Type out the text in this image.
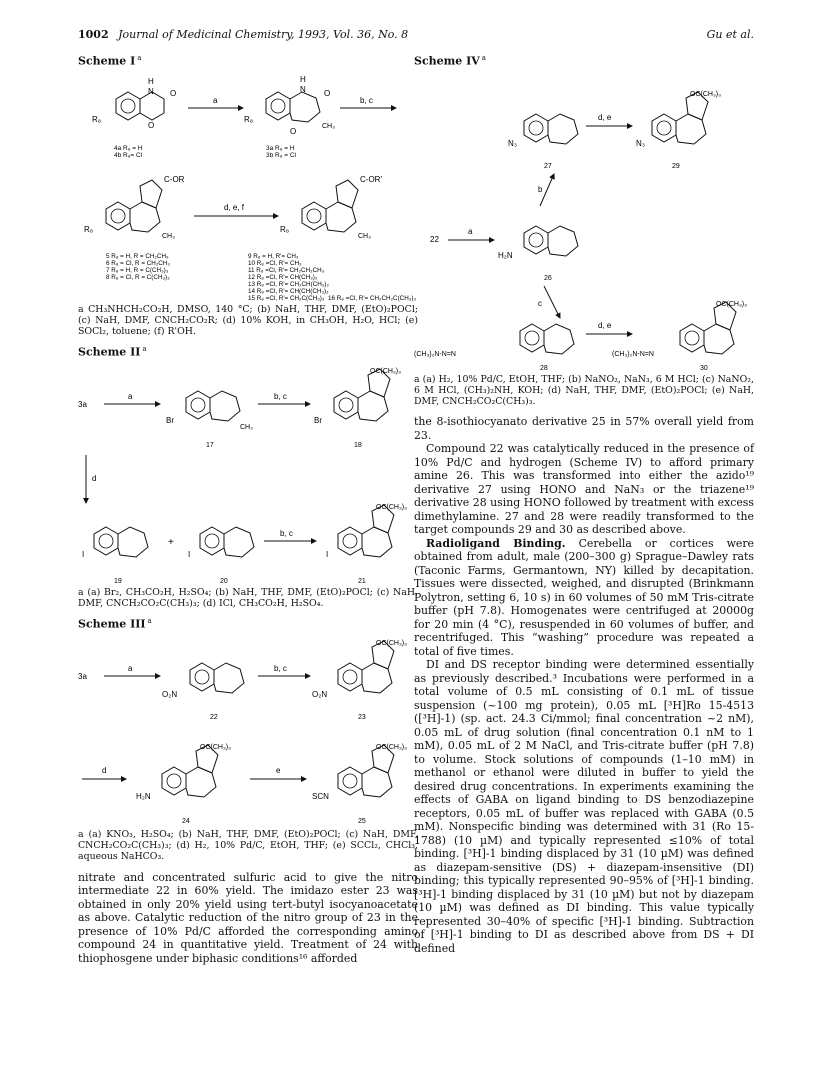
1002 Journal of Medicinal Chemistry, 1993, Vol. 36, No. 8	Gu et al.
Scheme I $^a$
R₈
H
N O
O
a
R₈
H
N O
CH₃
O
b, c
4a R₈ = H
4b R₈= Cl
3a R₈ = H
3b R₈ = Cl
C-OR
R₈
CH₃
d, e, f
C-OR'
R₈
CH₃
5 R₈ = H, R = CH₂CH₃
6 R₈ = Cl, R = CH₂CH₃
7 R₈ = H, R = C(CH₃)₃
8 R₈ = Cl, R = C(CH₃)₃
9 R₈ = H, R'= CH₃
10 R₈ =Cl, R'= CH₃
11 R₈ =Cl, R'= CH₂CH₂CH₃
12 R₈ =Cl, R'= CH(CH₃)₂
13 R₈ =Cl, R'= CH₂CH(CH₃)₂
14 R₈ =Cl, R'= CH(CH(CH₃)₂
15 R₈ =Cl, R'= CH₂C(CH₃)₃ 16 R₈ =Cl, R'= CH₂CH₂C(CH₃)₃
a CH₃NHCH₂CO₂H, DMSO, 140 °C; (b) NaH, THF, DMF, (EtO)₂POCl; (c) NaH, DMF, CNCH₂CO₂R; (d) 10% KOH, in CH₃OH, H₂O, HCl; (e) SOCl₂, toluene; (f) R'OH.
Scheme II $^a$
3a
a
Br
CH₃
b, c
OC(CH₃)₃
Br
17	18
d
I
+
I
b, c
OC(CH₃)₃
I
19	20	21
a (a) Br₂, CH₃CO₂H, H₂SO₄; (b) NaH, THF, DMF, (EtO)₂POCl; (c) NaH, DMF, CNCH₂CO₂C(CH₃)₃; (d) ICl, CH₃CO₂H, H₂SO₄.
Scheme III $^a$
3a
a
O₂N
b, c
OC(CH₃)₃
O₂N
22	23
d
OC(CH₃)₃
H₂N
e
OC(CH₃)₃
SCN
24	25
a (a) KNO₃, H₂SO₄; (b) NaH, THF, DMF, (EtO)₂POCl; (c) NaH, DMF, CNCH₂CO₂C(CH₃)₃; (d) H₂, 10% Pd/C, EtOH, THF; (e) SCCl₂, CHCl₃, aqueous NaHCO₃.

nitrate and concentrated sulfuric acid to give the nitro intermediate 22 in 60% yield. The imidazo ester 23 was obtained in only 20% yield using tert-butyl isocyanoacetate as above. Catalytic reduction of the nitro group of 23 in the presence of 10% Pd/C afforded the corresponding amino compound 24 in quantitative yield. Treatment of 24 with thiophosgene under biphasic conditions¹⁶ afforded

Scheme IV $^a$
N₃
d, e
OC(CH₃)₃
N₃
27	29
b
22
a
H₂N
26
c
(CH₃)₂N-N=N
d, e
OC(CH₃)₃
(CH₃)₂N-N=N
28	30
a (a) H₂, 10% Pd/C, EtOH, THF; (b) NaNO₂, NaN₃, 6 M HCl; (c) NaNO₂, 6 M HCl, (CH₃)₂NH, KOH; (d) NaH, THF, DMF, (EtO)₂POCl; (e) NaH, DMF, CNCH₂CO₂C(CH₃)₃.

the 8-isothiocyanato derivative 25 in 57% overall yield from 23.

Compound 22 was catalytically reduced in the presence of 10% Pd/C and hydrogen (Scheme IV) to afford primary amine 26. This was transformed into either the azido¹⁹ derivative 27 using HONO and NaN₃ or the triazene¹⁹ derivative 28 using HONO followed by treatment with excess dimethylamine. 27 and 28 were readily transformed to the target compounds 29 and 30 as described above.

Radioligand Binding. Cerebella or cortices were obtained from adult, male (200–300 g) Sprague–Dawley rats (Taconic Farms, Germantown, NY) killed by decapitation. Tissues were dissected, weighed, and disrupted (Brinkmann Polytron, setting 6, 10 s) in 60 volumes of 50 mM Tris-citrate buffer (pH 7.8). Homogenates were centrifuged at 20000g for 20 min (4 °C), resuspended in 60 volumes of buffer, and recentrifuged. This “washing” procedure was repeated a total of five times.

DI and DS receptor binding were determined essentially as previously described.³ Incubations were performed in a total volume of 0.5 mL consisting of 0.1 mL of tissue suspension (~100 mg protein), 0.05 mL [³H]Ro 15-4513 ([³H]-1) (sp. act. 24.3 Ci/mmol; final concentration ~2 nM), 0.05 mL of drug solution (final concentration 0.1 nM to 1 mM), 0.05 mL of 2 M NaCl, and Tris-citrate buffer (pH 7.8) to volume. Stock solutions of compounds (1–10 mM) in methanol or ethanol were diluted in buffer to yield the desired drug concentrations. In experiments examining the effects of GABA on ligand binding to DS benzodiazepine receptors, 0.05 mL of buffer was replaced with GABA (0.5 mM). Nonspecific binding was determined with 31 (Ro 15-1788) (10 µM) and typically represented ≤10% of total binding. [³H]-1 binding displaced by 31 (10 µM) was defined as diazepam-sensitive (DS) + diazepam-insensitive (DI) binding; this typically represented 90–95% of [³H]-1 binding. [³H]-1 binding displaced by 31 (10 µM) but not by diazepam (10 µM) was defined as DI binding. This value typically represented 30–40% of specific [³H]-1 binding. Subtraction of [³H]-1 binding to DI as described above from DS + DI defined
